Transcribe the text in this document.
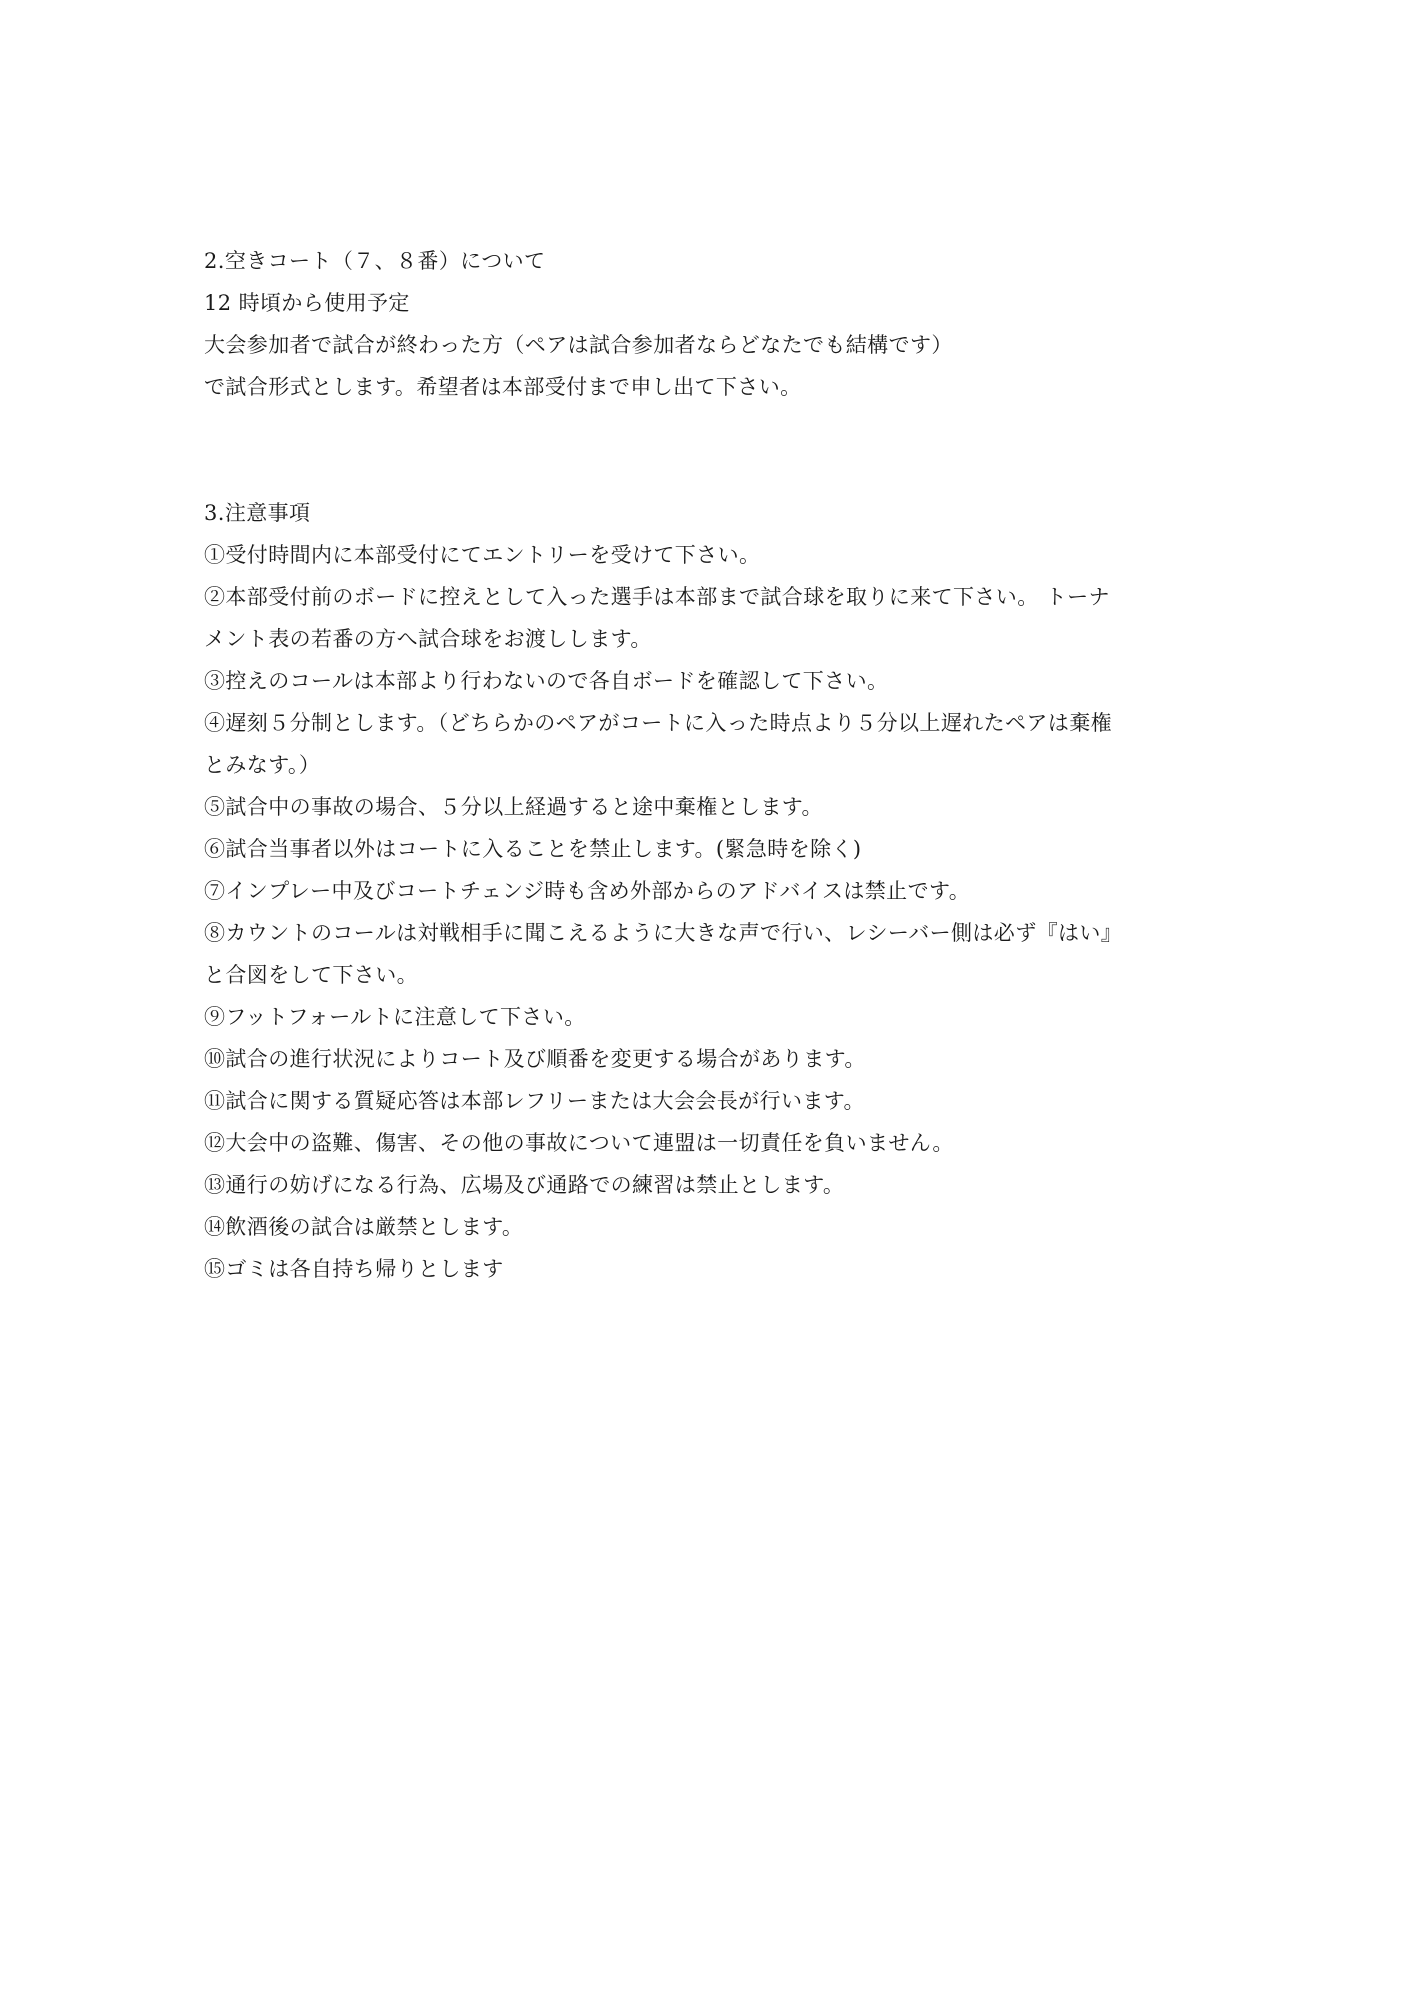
2.空きコート（７、８番）について

12 時頃から使用予定

大会参加者で試合が終わった方（ペアは試合参加者ならどなたでも結構です）

で試合形式とします。希望者は本部受付まで申し出て下さい。

3.注意事項

①受付時間内に本部受付にてエントリーを受けて下さい。

②本部受付前のボードに控えとして入った選手は本部まで試合球を取りに来て下さい。 トーナ

メント表の若番の方へ試合球をお渡しします。

③控えのコールは本部より行わないので各自ボードを確認して下さい。

④遅刻５分制とします。（どちらかのペアがコートに入った時点より５分以上遅れたペアは棄権

とみなす。）

⑤試合中の事故の場合、５分以上経過すると途中棄権とします。

⑥試合当事者以外はコートに入ることを禁止します。(緊急時を除く)

⑦インプレー中及びコートチェンジ時も含め外部からのアドバイスは禁止です。

⑧カウントのコールは対戦相手に聞こえるように大きな声で行い、レシーバー側は必ず『はい』

と合図をして下さい。

⑨フットフォールトに注意して下さい。

⑩試合の進行状況によりコート及び順番を変更する場合があります。

⑪試合に関する質疑応答は本部レフリーまたは大会会長が行います。

⑫大会中の盗難、傷害、その他の事故について連盟は一切責任を負いません。

⑬通行の妨げになる行為、広場及び通路での練習は禁止とします。

⑭飲酒後の試合は厳禁とします。

⑮ゴミは各自持ち帰りとします
